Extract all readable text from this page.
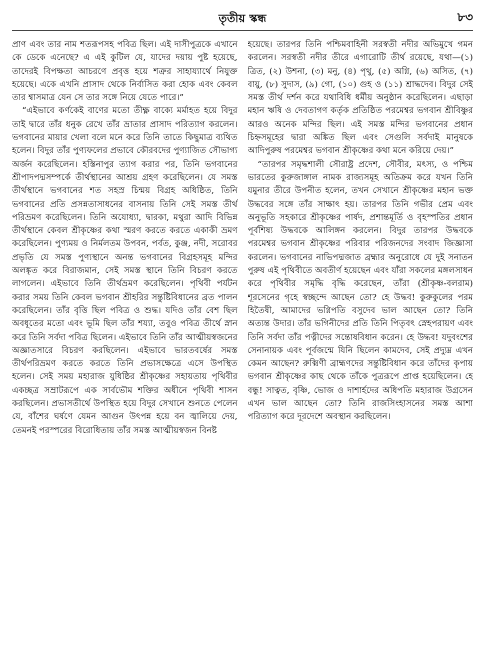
তৃতীয় স্কন্ধ	৮৩

প্রাণ এবং তার নাম শতরূপসহ পবিত্র ছিল। এই দাসীপুত্রকে এখানে কে ডেকে এনেছে? এ এই কুটিল যে, যাদের দয়ায় পুষ্ট হয়েছে, তাদেরই বিপক্ষতা আচরণে প্রবৃত্ত হয়ে শত্রুর সাহায্যার্থে নিযুক্ত হয়েছে। একে এখনি প্রাসাদ থেকে নির্বাসিত করা হোক এবং কেবল তার শ্বাসমাত্র যেন সে তার সঙ্গে নিয়ে যেতে পারে।”

“এইভাবে কর্ণকেই বাণের মতো তীক্ষ্ণ বাক্যে মর্মাহত হয়ে বিদুর তাই দ্বারে তাঁর ধনুক রেখে তাঁর ভ্রাতার প্রাসাদ পরিত্যাগ করলেন। ভগবানের মায়ার খেলা বলে মনে করে তিনি তাতে কিছুমাত্র ব্যথিত হলেন। বিদুর তাঁর পুণ্যফলের প্রভাবে কৌরবদের পুণ্যাজিত সৌভাগ্য অর্জন করেছিলেন। হস্তিনাপুর ত্যাগ করার পর, তিনি ভগবানের শ্রীপাদপদ্মসম্পর্কে তীর্থস্থানের আশ্রয় গ্রহণ করেছিলেন। যে সমস্ত তীর্থস্থানে ভগবানের শত সহস্র চিন্ময় বিগ্রহ অধিষ্ঠিত, তিনি ভগবানের প্রতি প্রসন্নতাসাধনের বাসনায় তিনি সেই সমস্ত তীর্থ পরিভ্রমণ করেছিলেন। তিনি অযোধ্যা, দ্বারকা, মথুরা আদি বিভিন্ন তীর্থস্থানে কেবল শ্রীকৃষ্ণের কথা স্মরণ করতে করতে একাকী ভ্রমণ করেছিলেন। পুণ্যময় ও নির্মলতম উপবন, পর্বত, কুঞ্জ, নদী, সরোবর প্রভৃতি যে সমস্ত পুণ্যস্থানে অনন্ত ভগবানের বিগ্রহসমূহ মন্দির অলঙ্কৃত করে বিরাজমান, সেই সমস্ত স্থানে তিনি বিচরণ করতে লাগলেন। এইভাবে তিনি তীর্থভ্রমণ করেছিলেন। পৃথিবী পর্যটন করার সময় তিনি কেবল ভগবান শ্রীহরির সন্তুষ্টিবিধানের ব্রত পালন করেছিলেন। তাঁর বৃত্তি ছিল পবিত্র ও শুদ্ধ। যদিও তাঁর বেশ ছিল অবধূতের মতো এবং ভূমি ছিল তাঁর শয্যা, তবুও পবিত্র তীর্থে স্নান করে তিনি সর্বদা পবিত্র ছিলেন। এইভাবে তিনি তাঁর আত্মীয়স্বজনের অজ্ঞাতসারে বিচরণ করছিলেন। এইভাবে ভারতবর্ষের সমস্ত তীর্থপরিভ্রমণ করতে করতে তিনি প্রভাসক্ষেত্রে এসে উপস্থিত হলেন। সেই সময় মহারাজ যুধিষ্ঠির শ্রীকৃষ্ণের সহায়তায় পৃথিবীর একচ্ছত্র সম্রাটরূপে এক সার্বভৌম শক্তির অধীনে পৃথিবী শাসন করছিলেন। প্রভাসতীর্থে উপস্থিত হয়ে বিদুর সেখানে শুনতে পেলেন যে, বাঁশের ঘর্ষণে যেমন আগুন উৎপন্ন হয়ে বন জ্বালিয়ে দেয়, তেমনই পরস্পরের বিরোধিতায় তাঁর সমস্ত আত্মীয়স্বজন বিনষ্ট

হয়েছে। তারপর তিনি পশ্চিমবাহিনী সরস্বতী নদীর অভিমুখে গমন করলেন। সরস্বতী নদীর তীরে এগারোটি তীর্থ রয়েছে, যথা—(১) ত্রিত, (২) উশনা, (৩) মনু, (৪) পৃথু, (৫) অগ্নি, (৬) অসিত, (৭) বায়ু, (৮) সুদাস, (৯) গো, (১০) গুহ ও (১১) শ্রাদ্ধদেব। বিদুর সেই সমস্ত তীর্থ দর্শন করে যথাবিধি ধর্মীয় অনুষ্ঠান করেছিলেন। এছাড়া মহান ঋষি ও দেবতাগণ কর্তৃক প্রতিষ্ঠিত পরমেশ্বর ভগবান শ্রীবিষ্ণুর আরও অনেক মন্দির ছিল। এই সমস্ত মন্দির ভগবানের প্রধান চিহ্নসমূহের দ্বারা অঙ্কিত ছিল এবং সেগুলি সর্বদাই মানুষকে আদিপুরুষ পরমেশ্বর ভগবান শ্রীকৃষ্ণের কথা মনে করিয়ে দেয়।”

“তারপর সমৃদ্ধশালী সৌরাষ্ট্র প্রদেশ, সৌবীর, মৎস্য, ও পশ্চিম ভারতের কুরুজাঙ্গাল নামক রাজ্যসমূহ অতিক্রম করে যখন তিনি যমুনার তীরে উপনীত হলেন, তখন সেখানে শ্রীকৃষ্ণের মহান ভক্ত উদ্ধবের সঙ্গে তাঁর সাক্ষাৎ হয়। তারপর তিনি গভীর প্রেম এবং অনুভূতি সহকারে শ্রীকৃষ্ণের পার্ষদ, প্রশান্তমূর্তি ও বৃহস্পতির প্রধান পূর্বশিষ্য উদ্ধবকে আলিঙ্গন করলেন। বিদুর তারপর উদ্ধবকে পরমেশ্বর ভগবান শ্রীকৃষ্ণের পরিবার পরিজনদের সংবাদ জিজ্ঞাসা করলেন। ভগবানের নাভিপদ্মজাত ব্রহ্মার অনুরোধে যে দুই সনাতন পুরুষ এই পৃথিবীতে অবতীর্ণ হয়েছেন এবং যাঁরা সকলের মঙ্গলসাধন করে পৃথিবীর সমৃদ্ধি বৃদ্ধি করেছেন, তাঁরা (শ্রীকৃষ্ণ-বলরাম) শূরসেনের গৃহে স্বচ্ছন্দে আছেন তো? হে উদ্ধব! কুরুকুলের পরম হিতৈষী, আমাদের ভগ্নিপতি বসুদেব ভাল আছেন তো? তিনি অত্যন্ত উদার। তাঁর ভগিনীদের প্রতি তিনি পিতৃবৎ স্নেহপরায়ণ এবং তিনি সর্বদা তাঁর পত্নীদের সন্তোষবিধান করেন। হে উদ্ধব! যদুবংশের সেনানায়ক এবং পূর্বজন্মে যিনি ছিলেন কামদেব, সেই প্রদ্যুম্ন এখন কেমন আছেন? রুক্মিণী ব্রাহ্মণদের সন্তুষ্টিবিধান করে তাঁদের কৃপায় ভগবান শ্রীকৃষ্ণের কাছ থেকে তাঁকে পুত্ররূপে প্রাপ্ত হয়েছিলেন। হে বন্ধু! সাত্বত, বৃষ্ণি, ভোজ ও দাশার্হদের অধিপতি মহারাজ উগ্রসেন এখন ভাল আছেন তো? তিনি রাজসিংহাসনের সমস্ত আশা পরিত্যাগ করে দূরদেশে অবস্থান করছিলেন।
